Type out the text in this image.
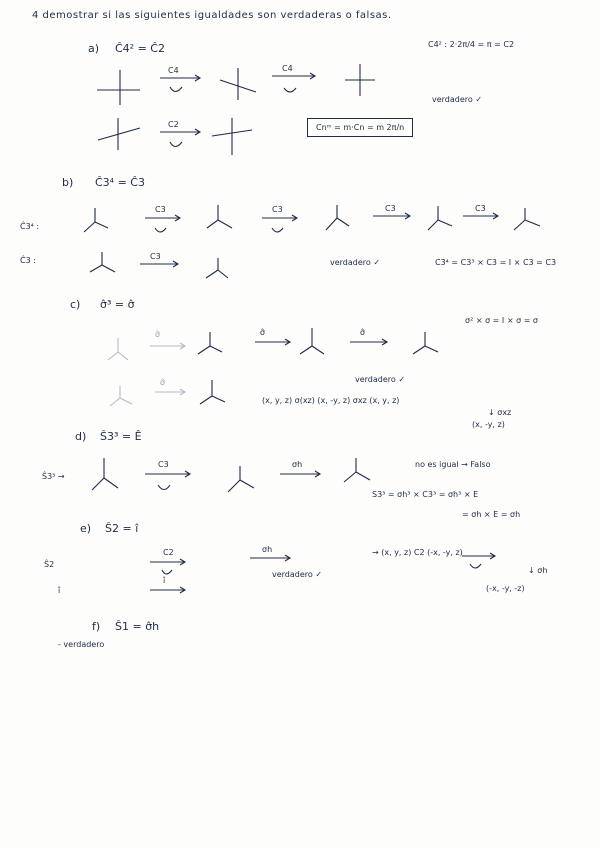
4 demostrar si las siguientes igualdades son verdaderas o falsas.
a) Ĉ4² = Ĉ2	C4² : 2·2π/4 = π = C2
C4	C4
C2
verdadero ✓
Cnᵐ = m·Cn = m 2π/n
b) Ĉ3⁴ = Ĉ3
Ĉ3⁴ :
Ĉ3 :
C3	C3	C3	C3
C3
verdadero ✓	C3⁴ = C3³ × C3 = I × C3 = C3
c) σ̂³ = σ̂
σ̂	σ̂	σ̂
σ̂
σ² × σ = I × σ = σ
verdadero ✓
(x, y, z) σ(xz) (x, -y, z) σxz (x, y, z)
↓ σxz
(x, -y, z)
d) Ŝ3³ = Ê
Ŝ3³ →
C3	σh	no es igual → Falso
S3³ = σh³ × C3³ = σh³ × E
= σh × E = σh
e) Ŝ2 = î
Ŝ2
î
C2	σh
î
verdadero ✓
→ (x, y, z) C2 (-x, -y, z)
↓ σh
(-x, -y, -z)
f) Ŝ1 = σ̂h
- verdadero
